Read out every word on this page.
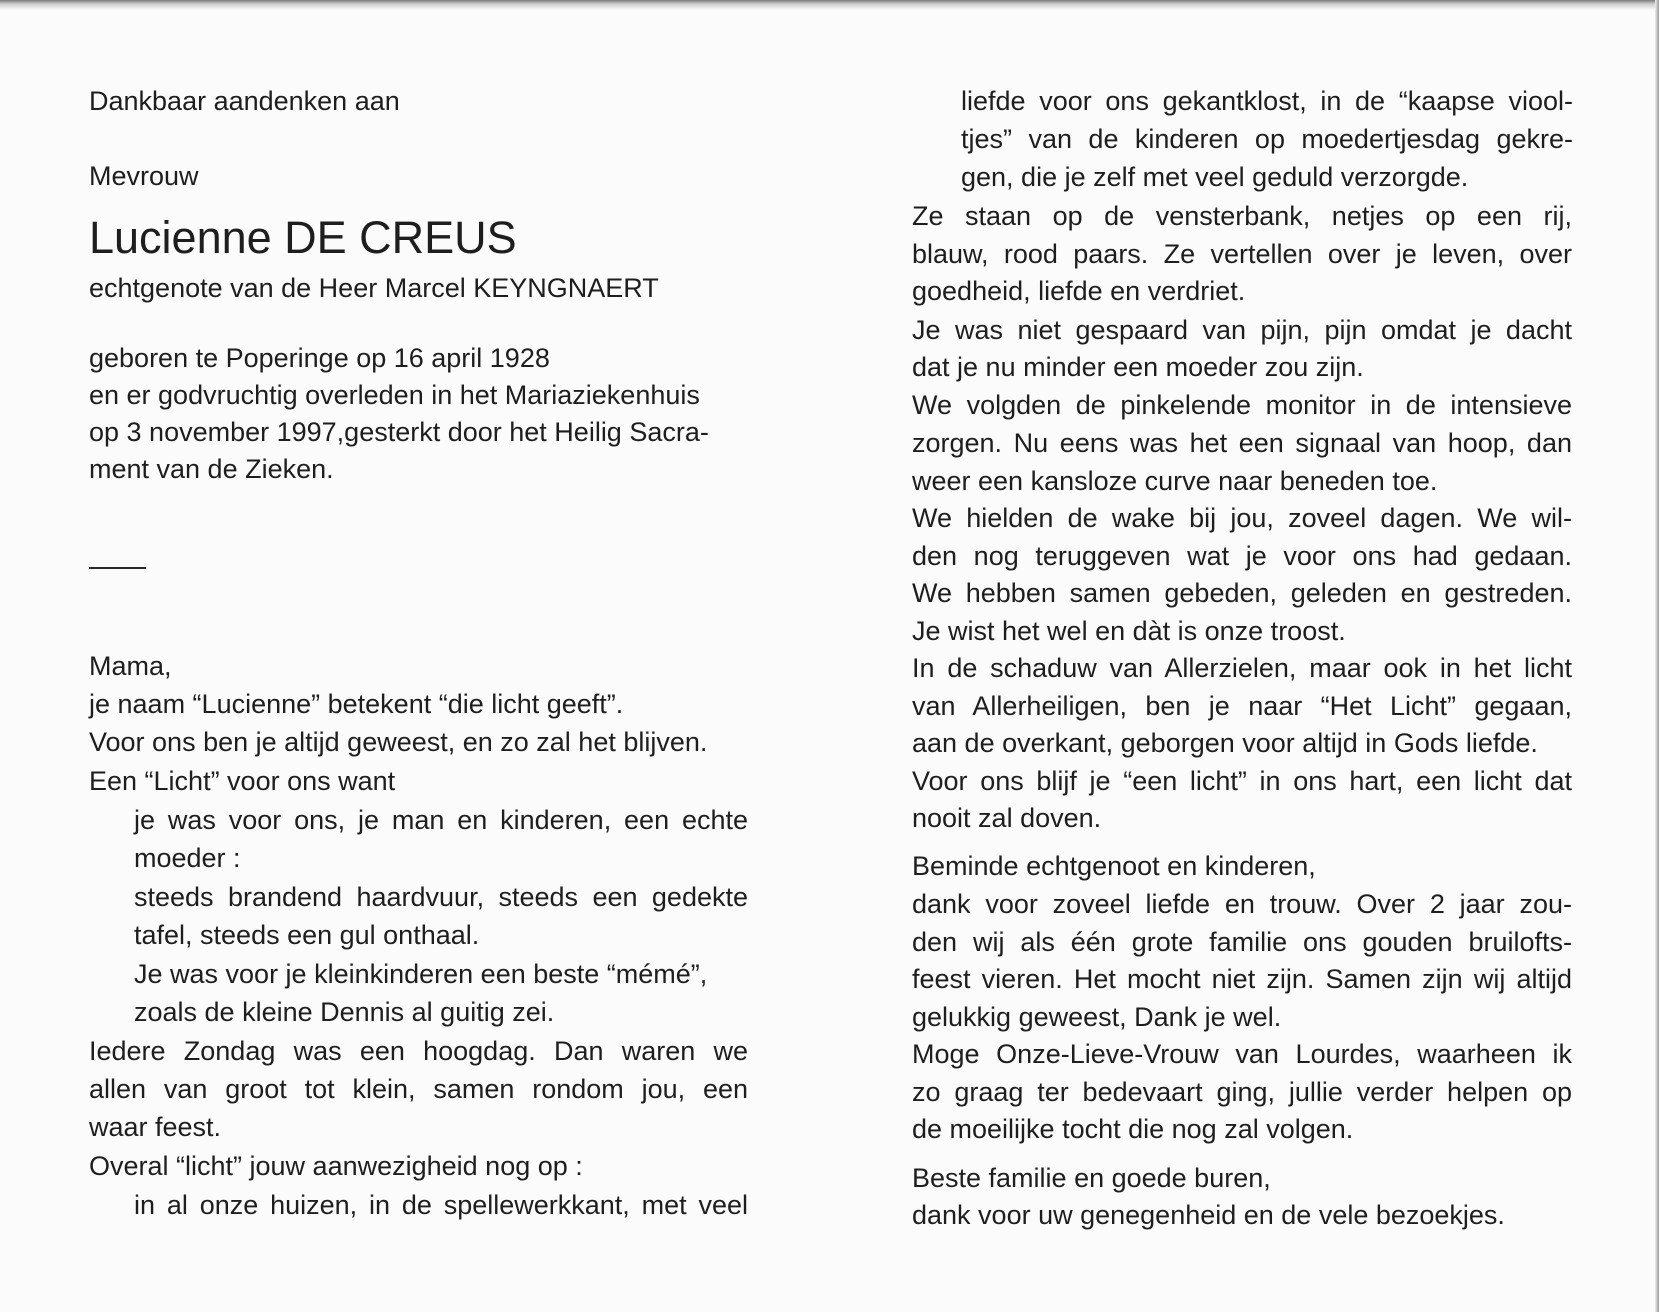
Dankbaar aandenken aan
Mevrouw
Lucienne DE CREUS
echtgenote van de Heer Marcel KEYNGNAERT
geboren te Poperinge op 16 april 1928
en er godvruchtig overleden in het Mariaziekenhuis
op 3 november 1997,gesterkt door het Heilig Sacra-
ment van de Zieken.
Mama,
je naam “Lucienne” betekent “die licht geeft”.
Voor ons ben je altijd geweest, en zo zal het blijven.
Een “Licht” voor ons want
je was voor ons, je man en kinderen, een echte
moeder :
steeds brandend haardvuur, steeds een gedekte
tafel, steeds een gul onthaal.
Je was voor je kleinkinderen een beste “mémé”,
zoals de kleine Dennis al guitig zei.
Iedere Zondag was een hoogdag. Dan waren we
allen van groot tot klein, samen rondom jou, een
waar feest.
Overal “licht” jouw aanwezigheid nog op :
in al onze huizen, in de spellewerkkant, met veel
liefde voor ons gekantklost, in de “kaapse viool-
tjes” van de kinderen op moedertjesdag gekre-
gen, die je zelf met veel geduld verzorgde.
Ze staan op de vensterbank, netjes op een rij,
blauw, rood paars. Ze vertellen over je leven, over
goedheid, liefde en verdriet.
Je was niet gespaard van pijn, pijn omdat je dacht
dat je nu minder een moeder zou zijn.
We volgden de pinkelende monitor in de intensieve
zorgen. Nu eens was het een signaal van hoop, dan
weer een kansloze curve naar beneden toe.
We hielden de wake bij jou, zoveel dagen. We wil-
den nog teruggeven wat je voor ons had gedaan.
We hebben samen gebeden, geleden en gestreden.
Je wist het wel en dàt is onze troost.
In de schaduw van Allerzielen, maar ook in het licht
van Allerheiligen, ben je naar “Het Licht” gegaan,
aan de overkant, geborgen voor altijd in Gods liefde.
Voor ons blijf je “een licht” in ons hart, een licht dat
nooit zal doven.
Beminde echtgenoot en kinderen,
dank voor zoveel liefde en trouw. Over 2 jaar zou-
den wij als één grote familie ons gouden bruilofts-
feest vieren. Het mocht niet zijn. Samen zijn wij altijd
gelukkig geweest, Dank je wel.
Moge Onze-Lieve-Vrouw van Lourdes, waarheen ik
zo graag ter bedevaart ging, jullie verder helpen op
de moeilijke tocht die nog zal volgen.
Beste familie en goede buren,
dank voor uw genegenheid en de vele bezoekjes.
